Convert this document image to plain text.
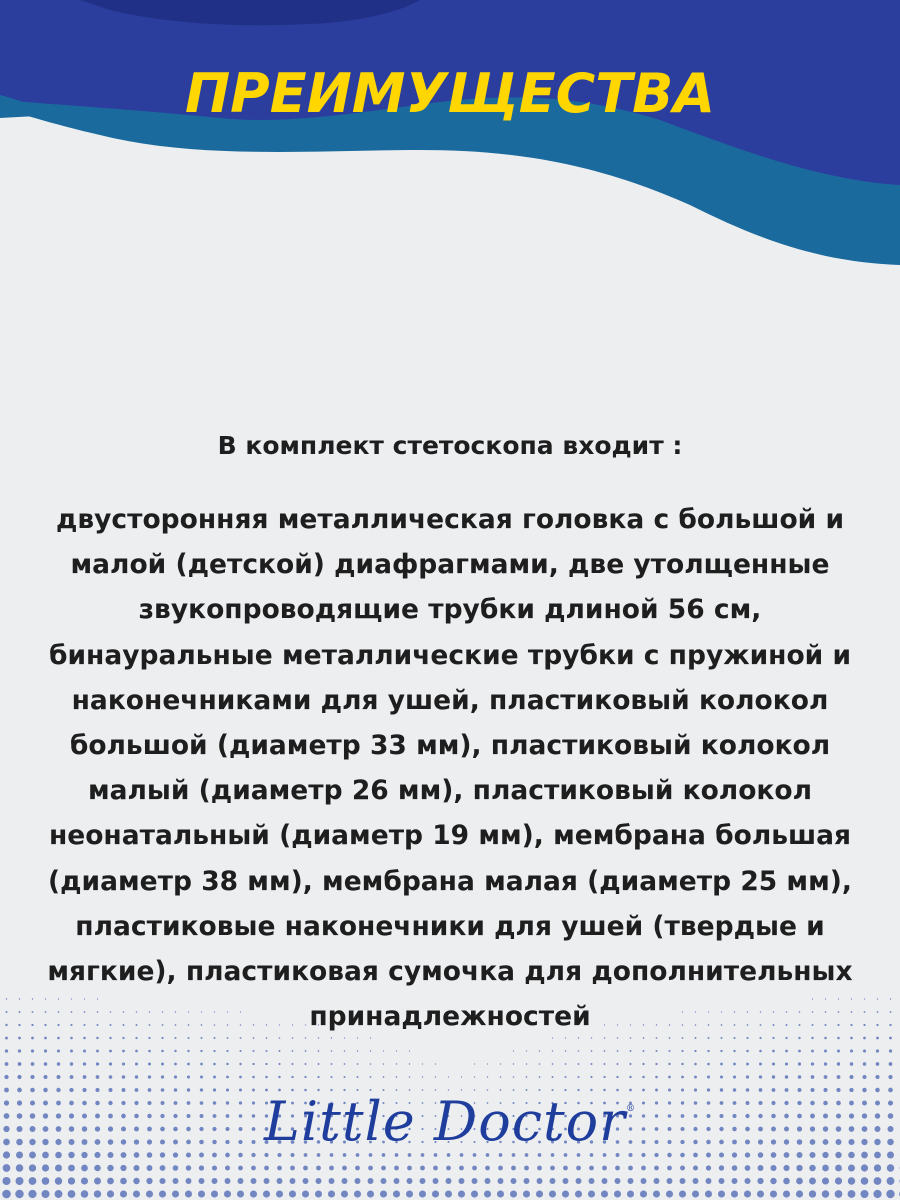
ПРЕИМУЩЕСТВА

В комплект стетоскопа входит :

двусторонняя металлическая головка с большой и малой (детской) диафрагмами, две утолщенные звукопроводящие трубки длиной 56 см, бинауральные металлические трубки с пружиной и наконечниками для ушей, пластиковый колокол большой (диаметр 33 мм), пластиковый колокол малый (диаметр 26 мм), пластиковый колокол неонатальный (диаметр 19 мм), мембрана большая (диаметр 38 мм), мембрана малая (диаметр 25 мм), пластиковые наконечники для ушей (твердые и мягкие), пластиковая сумочка для дополнительных принадлежностей

Little Doctor®
